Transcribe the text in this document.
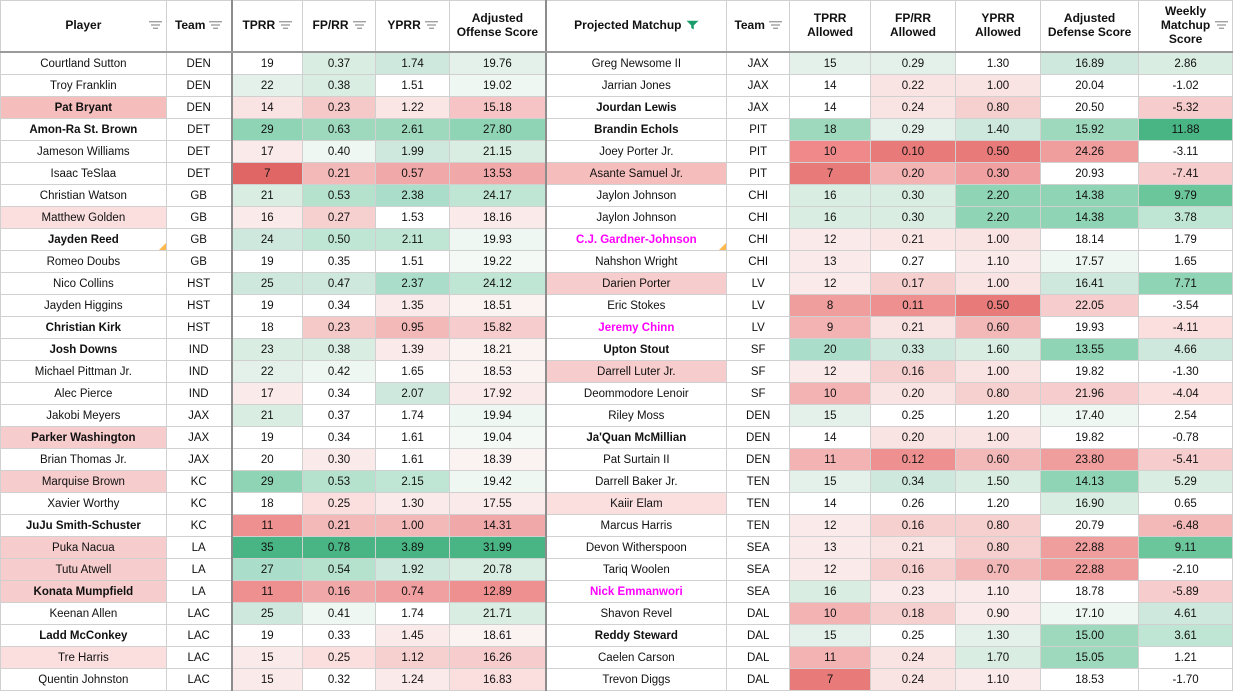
Player	Team	TPRR	FP/RR	YPRR	Adjusted Offense Score	Projected Matchup	Team	TPRR Allowed	FP/RR Allowed	YPRR Allowed	Adjusted Defense Score	Weekly Matchup Score

Courtland Sutton	DEN	19	0.37	1.74	19.76	Greg Newsome II	JAX	15	0.29	1.30	16.89	2.86
Troy Franklin	DEN	22	0.38	1.51	19.02	Jarrian Jones	JAX	14	0.22	1.00	20.04	-1.02
Pat Bryant	DEN	14	0.23	1.22	15.18	Jourdan Lewis	JAX	14	0.24	0.80	20.50	-5.32
Amon-Ra St. Brown	DET	29	0.63	2.61	27.80	Brandin Echols	PIT	18	0.29	1.40	15.92	11.88
Jameson Williams	DET	17	0.40	1.99	21.15	Joey Porter Jr.	PIT	10	0.10	0.50	24.26	-3.11
Isaac TeSlaa	DET	7	0.21	0.57	13.53	Asante Samuel Jr.	PIT	7	0.20	0.30	20.93	-7.41
Christian Watson	GB	21	0.53	2.38	24.17	Jaylon Johnson	CHI	16	0.30	2.20	14.38	9.79
Matthew Golden	GB	16	0.27	1.53	18.16	Jaylon Johnson	CHI	16	0.30	2.20	14.38	3.78
Jayden Reed	GB	24	0.50	2.11	19.93	C.J. Gardner-Johnson	CHI	12	0.21	1.00	18.14	1.79
Romeo Doubs	GB	19	0.35	1.51	19.22	Nahshon Wright	CHI	13	0.27	1.10	17.57	1.65
Nico Collins	HST	25	0.47	2.37	24.12	Darien Porter	LV	12	0.17	1.00	16.41	7.71
Jayden Higgins	HST	19	0.34	1.35	18.51	Eric Stokes	LV	8	0.11	0.50	22.05	-3.54
Christian Kirk	HST	18	0.23	0.95	15.82	Jeremy Chinn	LV	9	0.21	0.60	19.93	-4.11
Josh Downs	IND	23	0.38	1.39	18.21	Upton Stout	SF	20	0.33	1.60	13.55	4.66
Michael Pittman Jr.	IND	22	0.42	1.65	18.53	Darrell Luter Jr.	SF	12	0.16	1.00	19.82	-1.30
Alec Pierce	IND	17	0.34	2.07	17.92	Deommodore Lenoir	SF	10	0.20	0.80	21.96	-4.04
Jakobi Meyers	JAX	21	0.37	1.74	19.94	Riley Moss	DEN	15	0.25	1.20	17.40	2.54
Parker Washington	JAX	19	0.34	1.61	19.04	Ja'Quan McMillian	DEN	14	0.20	1.00	19.82	-0.78
Brian Thomas Jr.	JAX	20	0.30	1.61	18.39	Pat Surtain II	DEN	11	0.12	0.60	23.80	-5.41
Marquise Brown	KC	29	0.53	2.15	19.42	Darrell Baker Jr.	TEN	15	0.34	1.50	14.13	5.29
Xavier Worthy	KC	18	0.25	1.30	17.55	Kaiir Elam	TEN	14	0.26	1.20	16.90	0.65
JuJu Smith-Schuster	KC	11	0.21	1.00	14.31	Marcus Harris	TEN	12	0.16	0.80	20.79	-6.48
Puka Nacua	LA	35	0.78	3.89	31.99	Devon Witherspoon	SEA	13	0.21	0.80	22.88	9.11
Tutu Atwell	LA	27	0.54	1.92	20.78	Tariq Woolen	SEA	12	0.16	0.70	22.88	-2.10
Konata Mumpfield	LA	11	0.16	0.74	12.89	Nick Emmanwori	SEA	16	0.23	1.10	18.78	-5.89
Keenan Allen	LAC	25	0.41	1.74	21.71	Shavon Revel	DAL	10	0.18	0.90	17.10	4.61
Ladd McConkey	LAC	19	0.33	1.45	18.61	Reddy Steward	DAL	15	0.25	1.30	15.00	3.61
Tre Harris	LAC	15	0.25	1.12	16.26	Caelen Carson	DAL	11	0.24	1.70	15.05	1.21
Quentin Johnston	LAC	15	0.32	1.24	16.83	Trevon Diggs	DAL	7	0.24	1.10	18.53	-1.70
